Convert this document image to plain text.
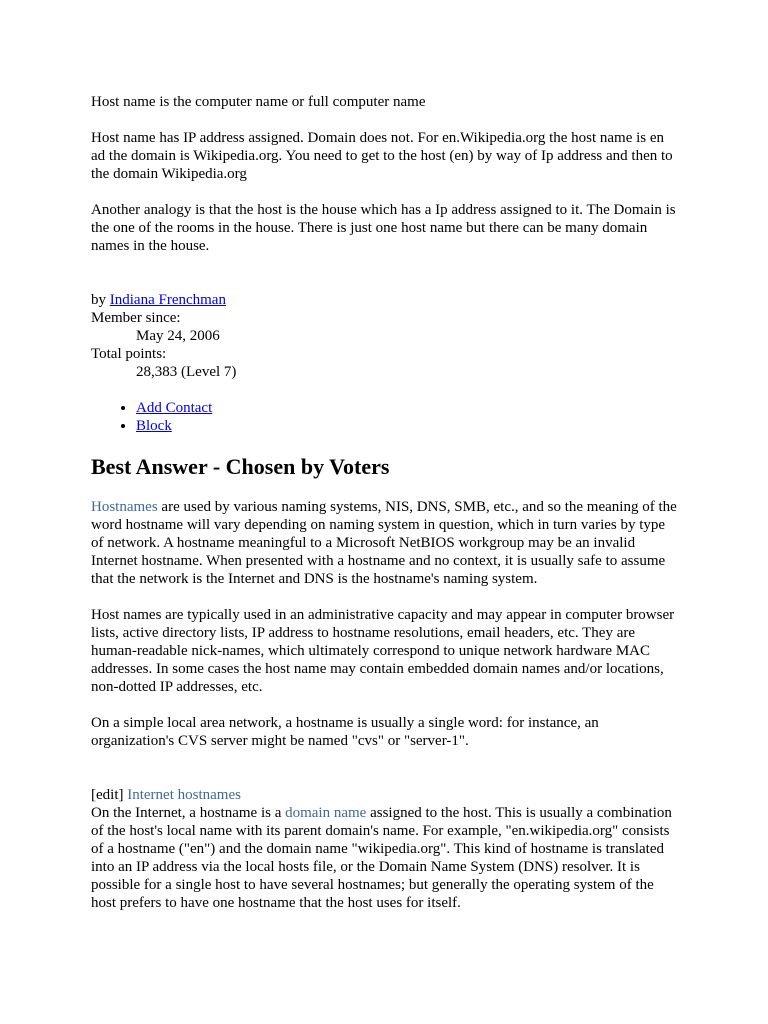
Host name is the computer name or full computer name

Host name has IP address assigned. Domain does not. For en.Wikipedia.org the host name is en ad the domain is Wikipedia.org. You need to get to the host (en) by way of Ip address and then to the domain Wikipedia.org

Another analogy is that the host is the house which has a Ip address assigned to it. The Domain is the one of the rooms in the house. There is just one host name but there can be many domain names in the house.

by Indiana Frenchman
Member since:
May 24, 2006
Total points:
28,383 (Level 7)
• Add Contact
• Block
Best Answer - Chosen by Voters

Hostnames are used by various naming systems, NIS, DNS, SMB, etc., and so the meaning of the word hostname will vary depending on naming system in question, which in turn varies by type of network. A hostname meaningful to a Microsoft NetBIOS workgroup may be an invalid Internet hostname. When presented with a hostname and no context, it is usually safe to assume that the network is the Internet and DNS is the hostname's naming system.

Host names are typically used in an administrative capacity and may appear in computer browser lists, active directory lists, IP address to hostname resolutions, email headers, etc. They are human-readable nick-names, which ultimately correspond to unique network hardware MAC addresses. In some cases the host name may contain embedded domain names and/or locations, non-dotted IP addresses, etc.

On a simple local area network, a hostname is usually a single word: for instance, an organization's CVS server might be named "cvs" or "server-1".

[edit] Internet hostnames

On the Internet, a hostname is a domain name assigned to the host. This is usually a combination of the host's local name with its parent domain's name. For example, "en.wikipedia.org" consists of a hostname ("en") and the domain name "wikipedia.org". This kind of hostname is translated into an IP address via the local hosts file, or the Domain Name System (DNS) resolver. It is possible for a single host to have several hostnames; but generally the operating system of the host prefers to have one hostname that the host uses for itself.
